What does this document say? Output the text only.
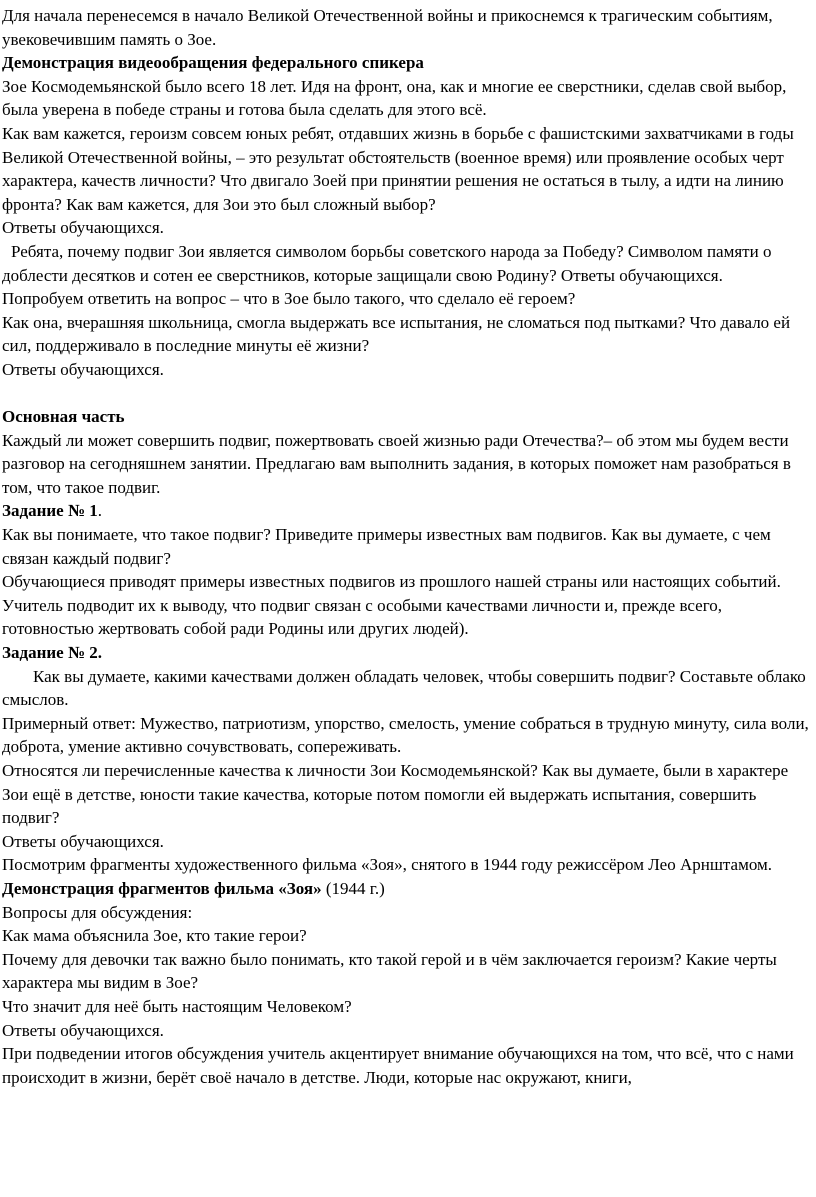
Для начала перенесемся в начало Великой Отечественной войны и прикоснемся к трагическим событиям, увековечившим память о Зое.

Демонстрация видеообращения федерального спикера

Зое Космодемьянской было всего 18 лет. Идя на фронт, она, как и многие ее сверстники, сделав свой выбор, была уверена в победе страны и готова была сделать для этого всё.

Как вам кажется, героизм совсем юных ребят, отдавших жизнь в борьбе с фашистскими захватчиками в годы Великой Отечественной войны, – это результат обстоятельств (военное время) или проявление особых черт характера, качеств личности? Что двигало Зоей при принятии решения не остаться в тылу, а идти на линию фронта? Как вам кажется, для Зои это был сложный выбор?

Ответы обучающихся.

Ребята, почему подвиг Зои является символом борьбы советского народа за Победу? Символом памяти о доблести десятков и сотен ее сверстников, которые защищали свою Родину? Ответы обучающихся.

Попробуем ответить на вопрос – что в Зое было такого, что сделало её героем?

Как она, вчерашняя школьница, смогла выдержать все испытания, не сломаться под пытками? Что давало ей сил, поддерживало в последние минуты её жизни?

Ответы обучающихся.

Основная часть

Каждый ли может совершить подвиг, пожертвовать своей жизнью ради Отечества?– об этом мы будем вести разговор на сегодняшнем занятии. Предлагаю вам выполнить задания, в которых поможет нам разобраться в том, что такое подвиг.

Задание № 1.

Как вы понимаете, что такое подвиг? Приведите примеры известных вам подвигов. Как вы думаете, с чем связан каждый подвиг?

Обучающиеся приводят примеры известных подвигов из прошлого нашей страны или настоящих событий. Учитель подводит их к выводу, что подвиг связан с особыми качествами личности и, прежде всего, готовностью жертвовать собой ради Родины или других людей).

Задание № 2.

Как вы думаете, какими качествами должен обладать человек, чтобы совершить подвиг? Составьте облако смыслов.

Примерный ответ: Мужество, патриотизм, упорство, смелость, умение собраться в трудную минуту, сила воли, доброта, умение активно сочувствовать, сопереживать.

Относятся ли перечисленные качества к личности Зои Космодемьянской? Как вы думаете, были в характере Зои ещё в детстве, юности такие качества, которые потом помогли ей выдержать испытания, совершить подвиг?

Ответы обучающихся.

Посмотрим фрагменты художественного фильма «Зоя», снятого в 1944 году режиссёром Лео Арнштамом.

Демонстрация фрагментов фильма «Зоя» (1944 г.)

Вопросы для обсуждения:

Как мама объяснила Зое, кто такие герои?

Почему для девочки так важно было понимать, кто такой герой и в чём заключается героизм? Какие черты характера мы видим в Зое?

Что значит для неё быть настоящим Человеком?

Ответы обучающихся.

При подведении итогов обсуждения учитель акцентирует внимание обучающихся на том, что всё, что с нами происходит в жизни, берёт своё начало в детстве. Люди, которые нас окружают, книги,
